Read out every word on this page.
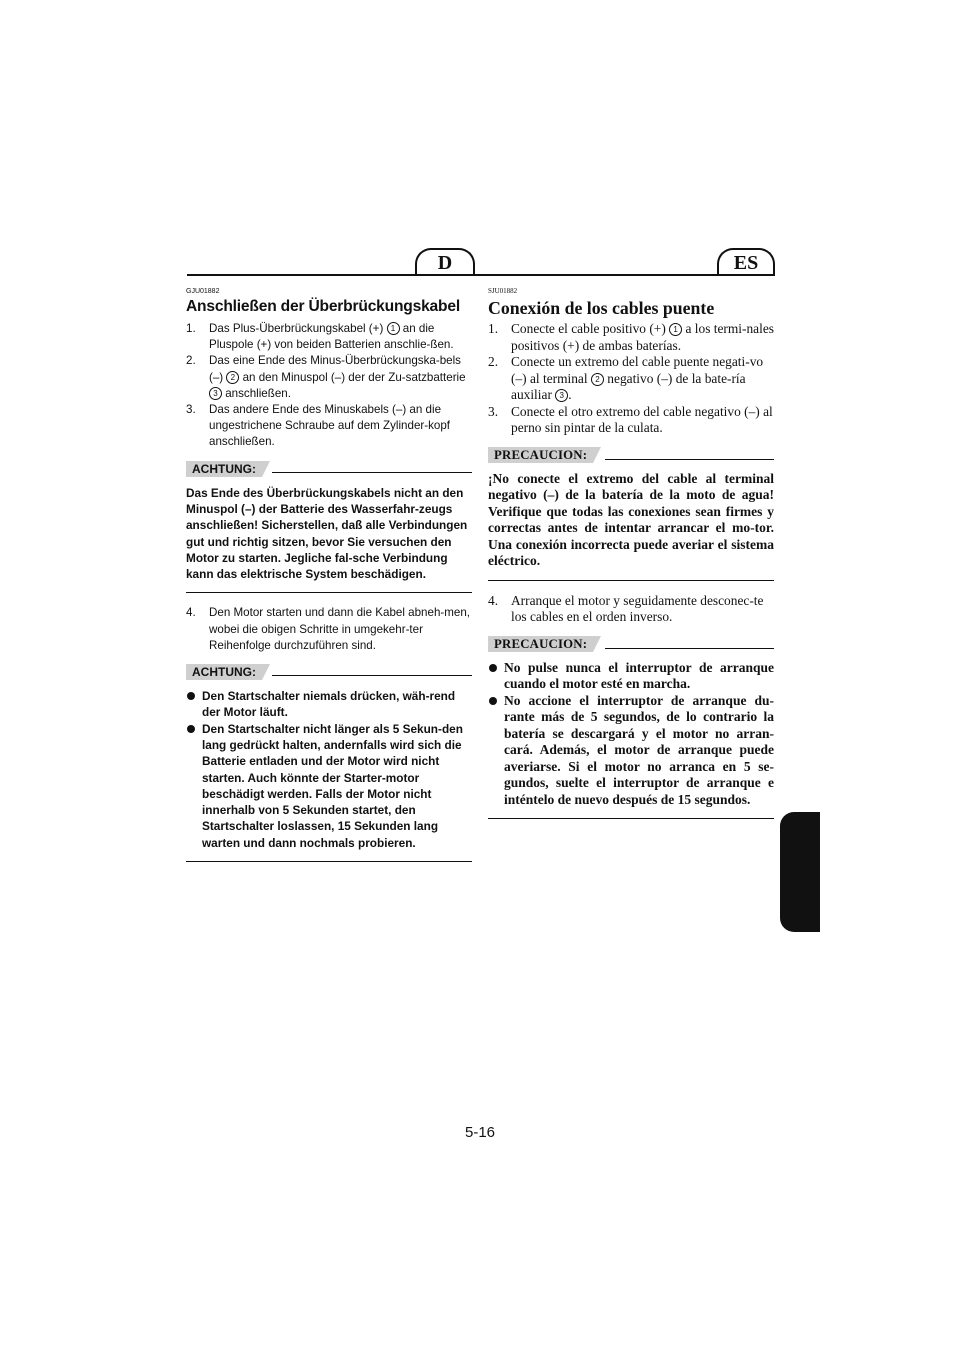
D	ES
GJU01882
Anschließen der Überbrückungskabel
1. Das Plus-Überbrückungskabel (+) 1 an die Pluspole (+) von beiden Batterien anschlie-ßen.
2. Das eine Ende des Minus-Überbrückungska-bels (–) 2 an den Minuspol (–) der der Zu-satzbatterie 3 anschließen.
3. Das andere Ende des Minuskabels (–) an die ungestrichene Schraube auf dem Zylinder-kopf anschließen.
ACHTUNG:
Das Ende des Überbrückungskabels nicht an den Minuspol (–) der Batterie des Wasserfahr-zeugs anschließen! Sicherstellen, daß alle Verbindungen gut und richtig sitzen, bevor Sie versuchen den Motor zu starten. Jegliche fal-sche Verbindung kann das elektrische System beschädigen.
4. Den Motor starten und dann die Kabel abneh-men, wobei die obigen Schritte in umgekehr-ter Reihenfolge durchzuführen sind.
ACHTUNG:
Den Startschalter niemals drücken, wäh-rend der Motor läuft.
Den Startschalter nicht länger als 5 Sekun-den lang gedrückt halten, andernfalls wird sich die Batterie entladen und der Motor wird nicht starten. Auch könnte der Starter-motor beschädigt werden. Falls der Motor nicht innerhalb von 5 Sekunden startet, den Startschalter loslassen, 15 Sekunden lang warten und dann nochmals probieren.
SJU01882
Conexión de los cables puente
1. Conecte el cable positivo (+) 1 a los termi-nales positivos (+) de ambas baterías.
2. Conecte un extremo del cable puente negati-vo (–) al terminal 2 negativo (–) de la bate-ría auxiliar 3 .
3. Conecte el otro extremo del cable negativo (–) al perno sin pintar de la culata.
PRECAUCION:
¡No conecte el extremo del cable al terminal negativo (–) de la batería de la moto de agua! Verifique que todas las conexiones sean firmes y correctas antes de intentar arrancar el mo-tor. Una conexión incorrecta puede averiar el sistema eléctrico.
4. Arranque el motor y seguidamente desconec-te los cables en el orden inverso.
PRECAUCION:
No pulse nunca el interruptor de arranque cuando el motor esté en marcha.
No accione el interruptor de arranque du-rante más de 5 segundos, de lo contrario la batería se descargará y el motor no arran-cará. Además, el motor de arranque puede averiarse. Si el motor no arranca en 5 se-gundos, suelte el interruptor de arranque e inténtelo de nuevo después de 15 segundos.
5-16
